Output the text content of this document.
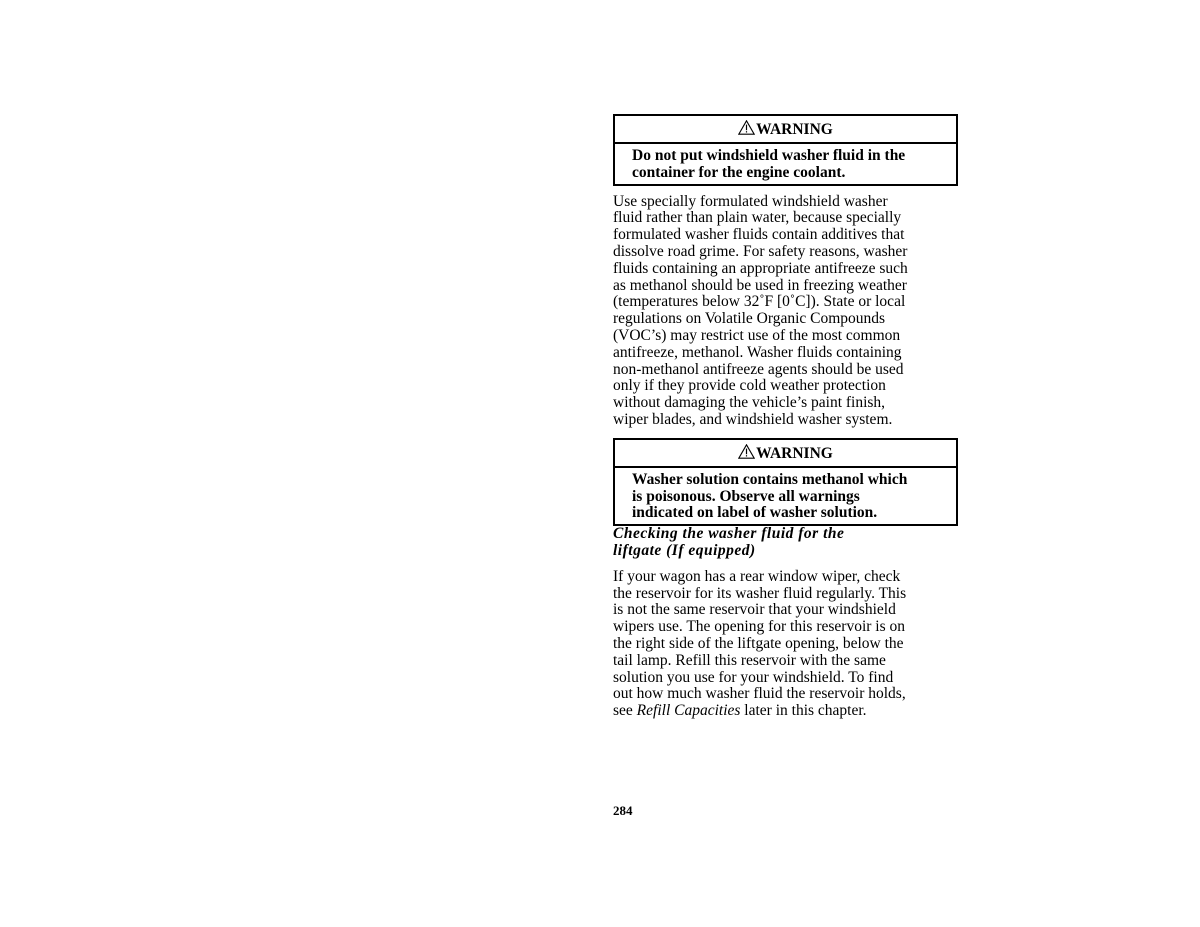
WARNING
Do not put windshield washer fluid in the
container for the engine coolant.
Use specially formulated windshield washer
fluid rather than plain water, because specially
formulated washer fluids contain additives that
dissolve road grime. For safety reasons, washer
fluids containing an appropriate antifreeze such
as methanol should be used in freezing weather
(temperatures below 32˚F [0˚C]). State or local
regulations on Volatile Organic Compounds
(VOC’s) may restrict use of the most common
antifreeze, methanol. Washer fluids containing
non-methanol antifreeze agents should be used
only if they provide cold weather protection
without damaging the vehicle’s paint finish,
wiper blades, and windshield washer system.
WARNING
Washer solution contains methanol which
is poisonous. Observe all warnings
indicated on label of washer solution.
Checking the washer fluid for the
liftgate (If equipped)
If your wagon has a rear window wiper, check
the reservoir for its washer fluid regularly. This
is not the same reservoir that your windshield
wipers use. The opening for this reservoir is on
the right side of the liftgate opening, below the
tail lamp. Refill this reservoir with the same
solution you use for your windshield. To find
out how much washer fluid the reservoir holds,
see Refill Capacities later in this chapter.
284
